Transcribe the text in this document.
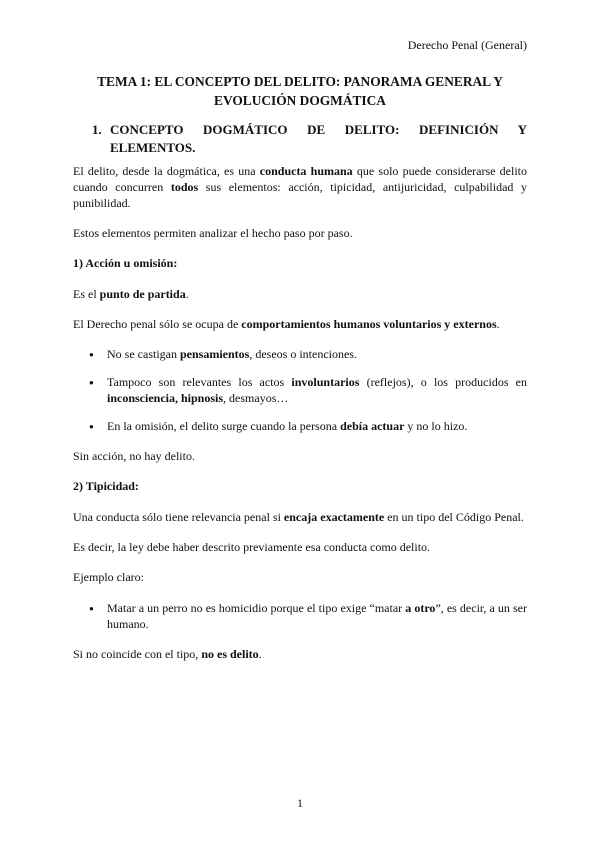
Derecho Penal (General)
TEMA 1: EL CONCEPTO DEL DELITO: PANORAMA GENERAL Y
EVOLUCIÓN DOGMÁTICA
1. CONCEPTO DOGMÁTICO DE DELITO: DEFINICIÓN Y ELEMENTOS.

El delito, desde la dogmática, es una conducta humana que solo puede considerarse delito cuando concurren todos sus elementos: acción, tipicidad, antijuricidad, culpabilidad y punibilidad.

Estos elementos permiten analizar el hecho paso por paso.

1) Acción u omisión:

Es el punto de partida.

El Derecho penal sólo se ocupa de comportamientos humanos voluntarios y externos.

● No se castigan pensamientos, deseos o intenciones.
● Tampoco son relevantes los actos involuntarios (reflejos), o los producidos en inconsciencia, hipnosis, desmayos…
● En la omisión, el delito surge cuando la persona debía actuar y no lo hizo.

Sin acción, no hay delito.

2) Tipicidad:

Una conducta sólo tiene relevancia penal si encaja exactamente en un tipo del Código Penal.

Es decir, la ley debe haber descrito previamente esa conducta como delito.

Ejemplo claro:

● Matar a un perro no es homicidio porque el tipo exige “matar a otro”, es decir, a un ser humano.

Si no coincide con el tipo, no es delito.

1
